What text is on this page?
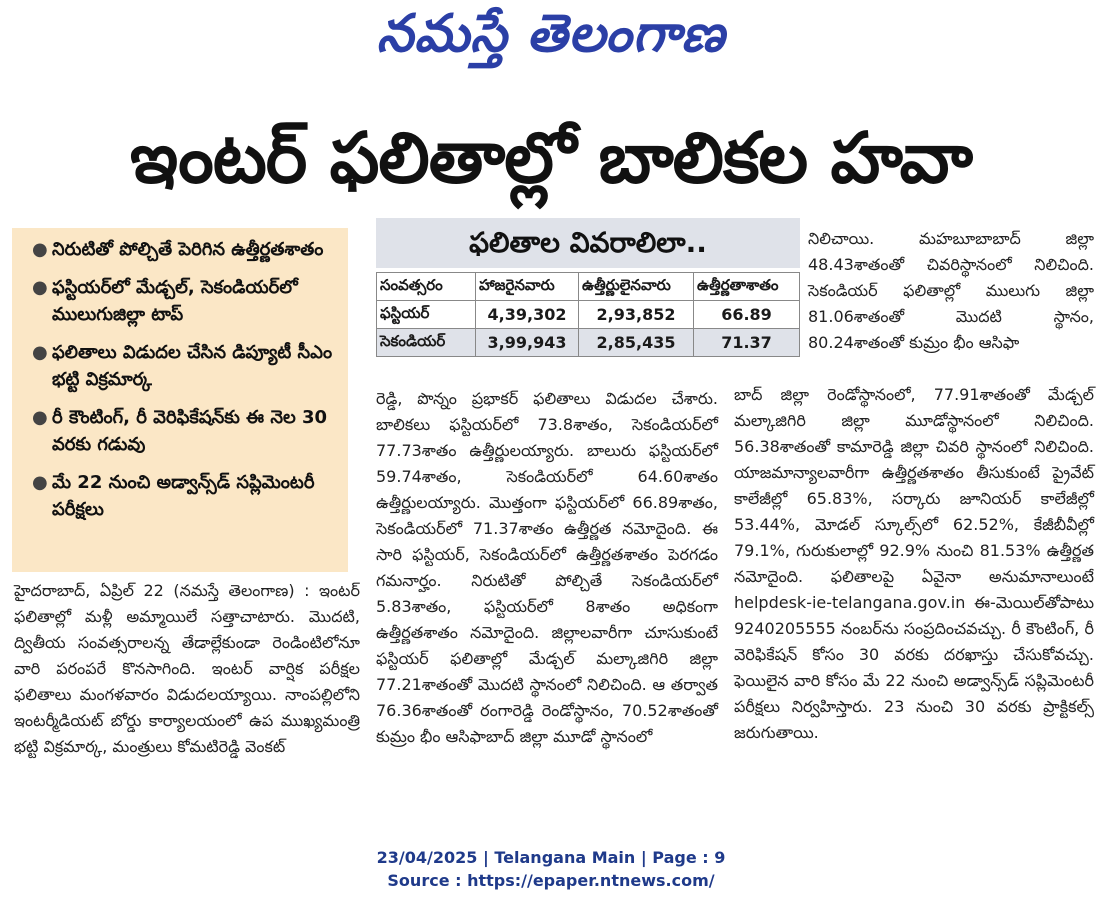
నమస్తే తెలంగాణ
ఇంటర్ ఫలితాల్లో బాలికల హవా
● నిరుటితో పోల్చితే పెరిగిన ఉత్తీర్ణతశాతం
● ఫస్టియర్‌లో మేడ్చల్, సెకండియర్‌లో ములుగుజిల్లా టాప్
● ఫలితాలు విడుదల చేసిన డిప్యూటీ సీఎం భట్టి విక్రమార్క
● రీ కౌంటింగ్, రీ వెరిఫికేషన్‌కు ఈ నెల 30 వరకు గడువు
● మే 22 నుంచి అడ్వాన్స్‌డ్ సప్లిమెంటరీ పరీక్షలు
ఫలితాల వివరాలిలా..
సంవత్సరం	హాజరైనవారు	ఉత్తీర్ణులైనవారు	ఉత్తీర్ణతాశాతం
ఫస్టియర్	4,39,302	2,93,852	66.89
సెకండియర్	3,99,943	2,85,435	71.37

హైదరాబాద్, ఏప్రిల్ 22 (నమస్తే తెలంగాణ) : ఇంటర్ ఫలితాల్లో మళ్లీ అమ్మాయిలే సత్తాచాటారు. మొదటి, ద్వితీయ సంవత్సరాలన్న తేడాల్లేకుండా రెండింటిలోనూ వారి పరంపరే కొనసాగింది. ఇంటర్ వార్షిక పరీక్షల ఫలితాలు మంగళవారం విడుదలయ్యాయి. నాంపల్లిలోని ఇంటర్మీడియట్ బోర్డు కార్యాలయంలో ఉప ముఖ్యమంత్రి భట్టి విక్రమార్క, మంత్రులు కోమటిరెడ్డి వెంకట్

రెడ్డి, పొన్నం ప్రభాకర్ ఫలితాలు విడుదల చేశారు. బాలికలు ఫస్టియర్‌లో 73.8శాతం, సెకండియర్‌లో 77.73శాతం ఉత్తీర్ణులయ్యారు. బాలురు ఫస్టియర్‌లో 59.74శాతం, సెకండియర్‌లో 64.60శాతం ఉత్తీర్ణులయ్యారు. మొత్తంగా ఫస్టియర్‌లో 66.89శాతం, సెకండియర్‌లో 71.37శాతం ఉత్తీర్ణత నమోదైంది. ఈ సారి ఫస్టియర్, సెకండియర్‌లో ఉత్తీర్ణతశాతం పెరగడం గమనార్హం. నిరుటితో పోల్చితే సెకండియర్‌లో 5.83శాతం, ఫస్టియర్‌లో 8శాతం అధికంగా ఉత్తీర్ణతశాతం నమోదైంది. జిల్లాలవారీగా చూసుకుంటే ఫస్టియర్ ఫలితాల్లో మేడ్చల్ మల్కాజిగిరి జిల్లా 77.21శాతంతో మొదటి స్థానంలో నిలిచింది. ఆ తర్వాత 76.36శాతంతో రంగారెడ్డి రెండోస్థానం, 70.52శాతంతో కుమ్రం భీం ఆసిఫాబాద్ జిల్లా మూడో స్థానంలో

నిలిచాయి. మహబూబాబాద్ జిల్లా 48.43శాతంతో చివరిస్థానంలో నిలిచింది. సెకండియర్ ఫలితాల్లో ములుగు జిల్లా 81.06శాతంతో మొదటి స్థానం, 80.24శాతంతో కుమ్రం భీం ఆసిఫా

బాద్ జిల్లా రెండోస్థానంలో, 77.91శాతంతో మేడ్చల్ మల్కాజిగిరి జిల్లా మూడోస్థానంలో నిలిచింది. 56.38శాతంతో కామారెడ్డి జిల్లా చివరి స్థానంలో నిలిచింది. యాజమాన్యాలవారీగా ఉత్తీర్ణతశాతం తీసుకుంటే ప్రైవేట్ కాలేజీల్లో 65.83%, సర్కారు జూనియర్ కాలేజీల్లో 53.44%, మోడల్ స్కూల్స్‌లో 62.52%, కేజీబీవీల్లో 79.1%, గురుకులాల్లో 92.9% నుంచి 81.53% ఉత్తీర్ణత నమోదైంది. ఫలితాలపై ఏవైనా అనుమానాలుంటే helpdesk-ie-telangana.gov.in ఈ-మెయిల్‌తోపాటు 9240205555 నంబర్‌ను సంప్రదించవచ్చు. రీ కౌంటింగ్, రీ వెరిఫికేషన్ కోసం 30 వరకు దరఖాస్తు చేసుకోవచ్చు. ఫెయిలైన వారి కోసం మే 22 నుంచి అడ్వాన్స్‌డ్ సప్లిమెంటరీ పరీక్షలు నిర్వహిస్తారు. 23 నుంచి 30 వరకు ప్రాక్టికల్స్ జరుగుతాయి.

23/04/2025 | Telangana Main | Page : 9
Source : https://epaper.ntnews.com/
